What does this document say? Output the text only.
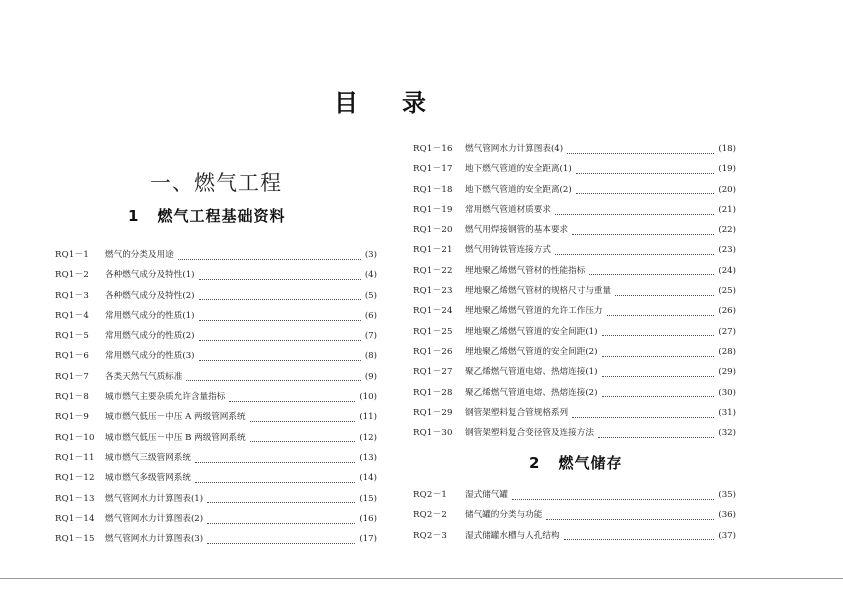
目　录
一、燃气工程
1 燃气工程基础资料
RQ1－1	燃气的分类及用途	(3)
RQ1－2	各种燃气成分及特性(1)	(4)
RQ1－3	各种燃气成分及特性(2)	(5)
RQ1－4	常用燃气成分的性质(1)	(6)
RQ1－5	常用燃气成分的性质(2)	(7)
RQ1－6	常用燃气成分的性质(3)	(8)
RQ1－7	各类天然气气质标准	(9)
RQ1－8	城市燃气主要杂质允许含量指标	(10)
RQ1－9	城市燃气低压－中压 A 两级管网系统	(11)
RQ1－10	城市燃气低压－中压 B 两级管网系统	(12)
RQ1－11	城市燃气三级管网系统	(13)
RQ1－12	城市燃气多级管网系统	(14)
RQ1－13	燃气管网水力计算图表(1)	(15)
RQ1－14	燃气管网水力计算图表(2)	(16)
RQ1－15	燃气管网水力计算图表(3)	(17)
RQ1－16	燃气管网水力计算图表(4)	(18)
RQ1－17	地下燃气管道的安全距离(1)	(19)
RQ1－18	地下燃气管道的安全距离(2)	(20)
RQ1－19	常用燃气管道材质要求	(21)
RQ1－20	燃气用焊接钢管的基本要求	(22)
RQ1－21	燃气用铸铁管连接方式	(23)
RQ1－22	埋地聚乙烯燃气管材的性能指标	(24)
RQ1－23	埋地聚乙烯燃气管材的规格尺寸与重量	(25)
RQ1－24	埋地聚乙烯燃气管道的允许工作压力	(26)
RQ1－25	埋地聚乙烯燃气管道的安全间距(1)	(27)
RQ1－26	埋地聚乙烯燃气管道的安全间距(2)	(28)
RQ1－27	聚乙烯燃气管道电熔、热熔连接(1)	(29)
RQ1－28	聚乙烯燃气管道电熔、热熔连接(2)	(30)
RQ1－29	钢管架塑料复合管规格系列	(31)
RQ1－30	钢管架塑料复合变径管及连接方法	(32)
2 燃气储存
RQ2－1	湿式储气罐	(35)
RQ2－2	储气罐的分类与功能	(36)
RQ2－3	湿式储罐水槽与人孔结构	(37)
